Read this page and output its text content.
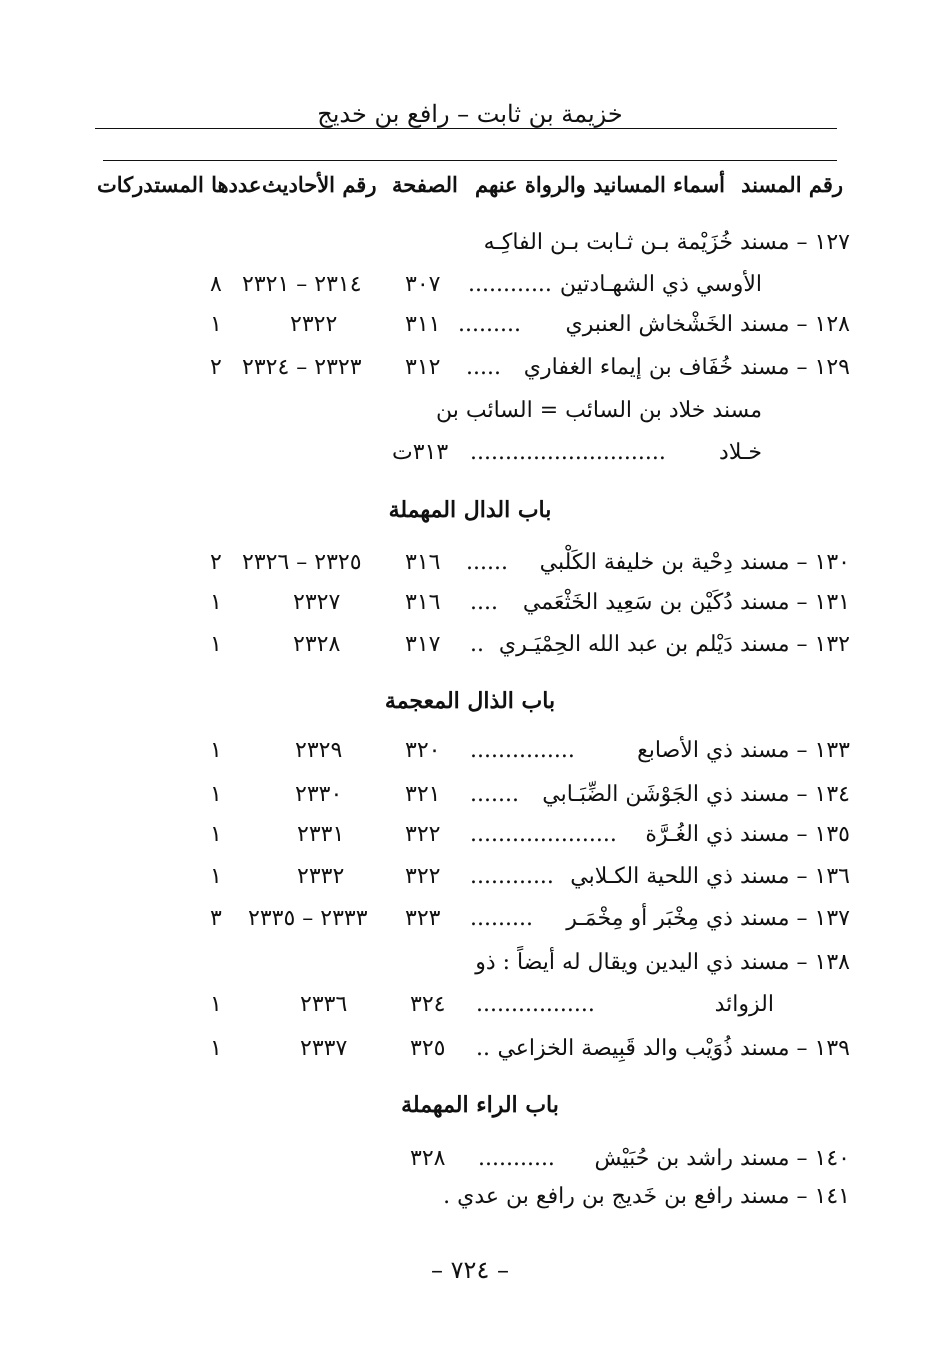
خزيمة بن ثابت – رافع بن خديج
رقم المسند
أسماء المسانيد والرواة عنهم
الصفحة
رقم الأحاديث
عددها المستدركات
١٢٧ – مسند خُزَيْمة بـن ثـابت بـن الفاكِـه
الأوسي ذي الشهـادتين
............
٣٠٧
٢٣١٤ – ٢٣٢١
٨
١٢٨ – مسند الخَشْخاش العنبري
.........
٣١١
٢٣٢٢
١
١٢٩ – مسند خُفَاف بن إيماء الغفاري
.....
٣١٢
٢٣٢٣ – ٢٣٢٤
٢
مسند خلاد بن السائب = السائب بن
خـلاد
............................
٣١٣ت
باب الدال المهملة
١٣٠ – مسند دِحْية بن خليفة الكَلْبي
......
٣١٦
٢٣٢٥ – ٢٣٢٦
٢
١٣١ – مسند دُكَيْن بن سَعِيد الخَثْعَمي
....
٣١٦
٢٣٢٧
١
١٣٢ – مسند دَيْلم بن عبد الله الحِمْيَـري
..
٣١٧
٢٣٢٨
١
باب الذال المعجمة
١٣٣ – مسند ذي الأصابع
...............
٣٢٠
٢٣٢٩
١
١٣٤ – مسند ذي الجَوْشَن الضِّبَـابي
.......
٣٢١
٢٣٣٠
١
١٣٥ – مسند ذي الغُـرَّة
.....................
٣٢٢
٢٣٣١
١
١٣٦ – مسند ذي اللحية الكـلابي
............
٣٢٢
٢٣٣٢
١
١٣٧ – مسند ذي مِخْبَر أو مِخْمَـر
.........
٣٢٣
٢٣٣٣ – ٢٣٣٥
٣
١٣٨ – مسند ذي اليدين ويقال له أيضاً : ذو
الزوائد
.................
٣٢٤
٢٣٣٦
١
١٣٩ – مسند ذُوَيْب والد قَبِيصة الخزاعي
..
٣٢٥
٢٣٣٧
١
باب الراء المهملة
١٤٠ – مسند راشد بن حُبَيْش
...........
٣٢٨
١٤١ – مسند رافع بن خَديج بن رافع بن عدي .
– ٧٢٤ –
